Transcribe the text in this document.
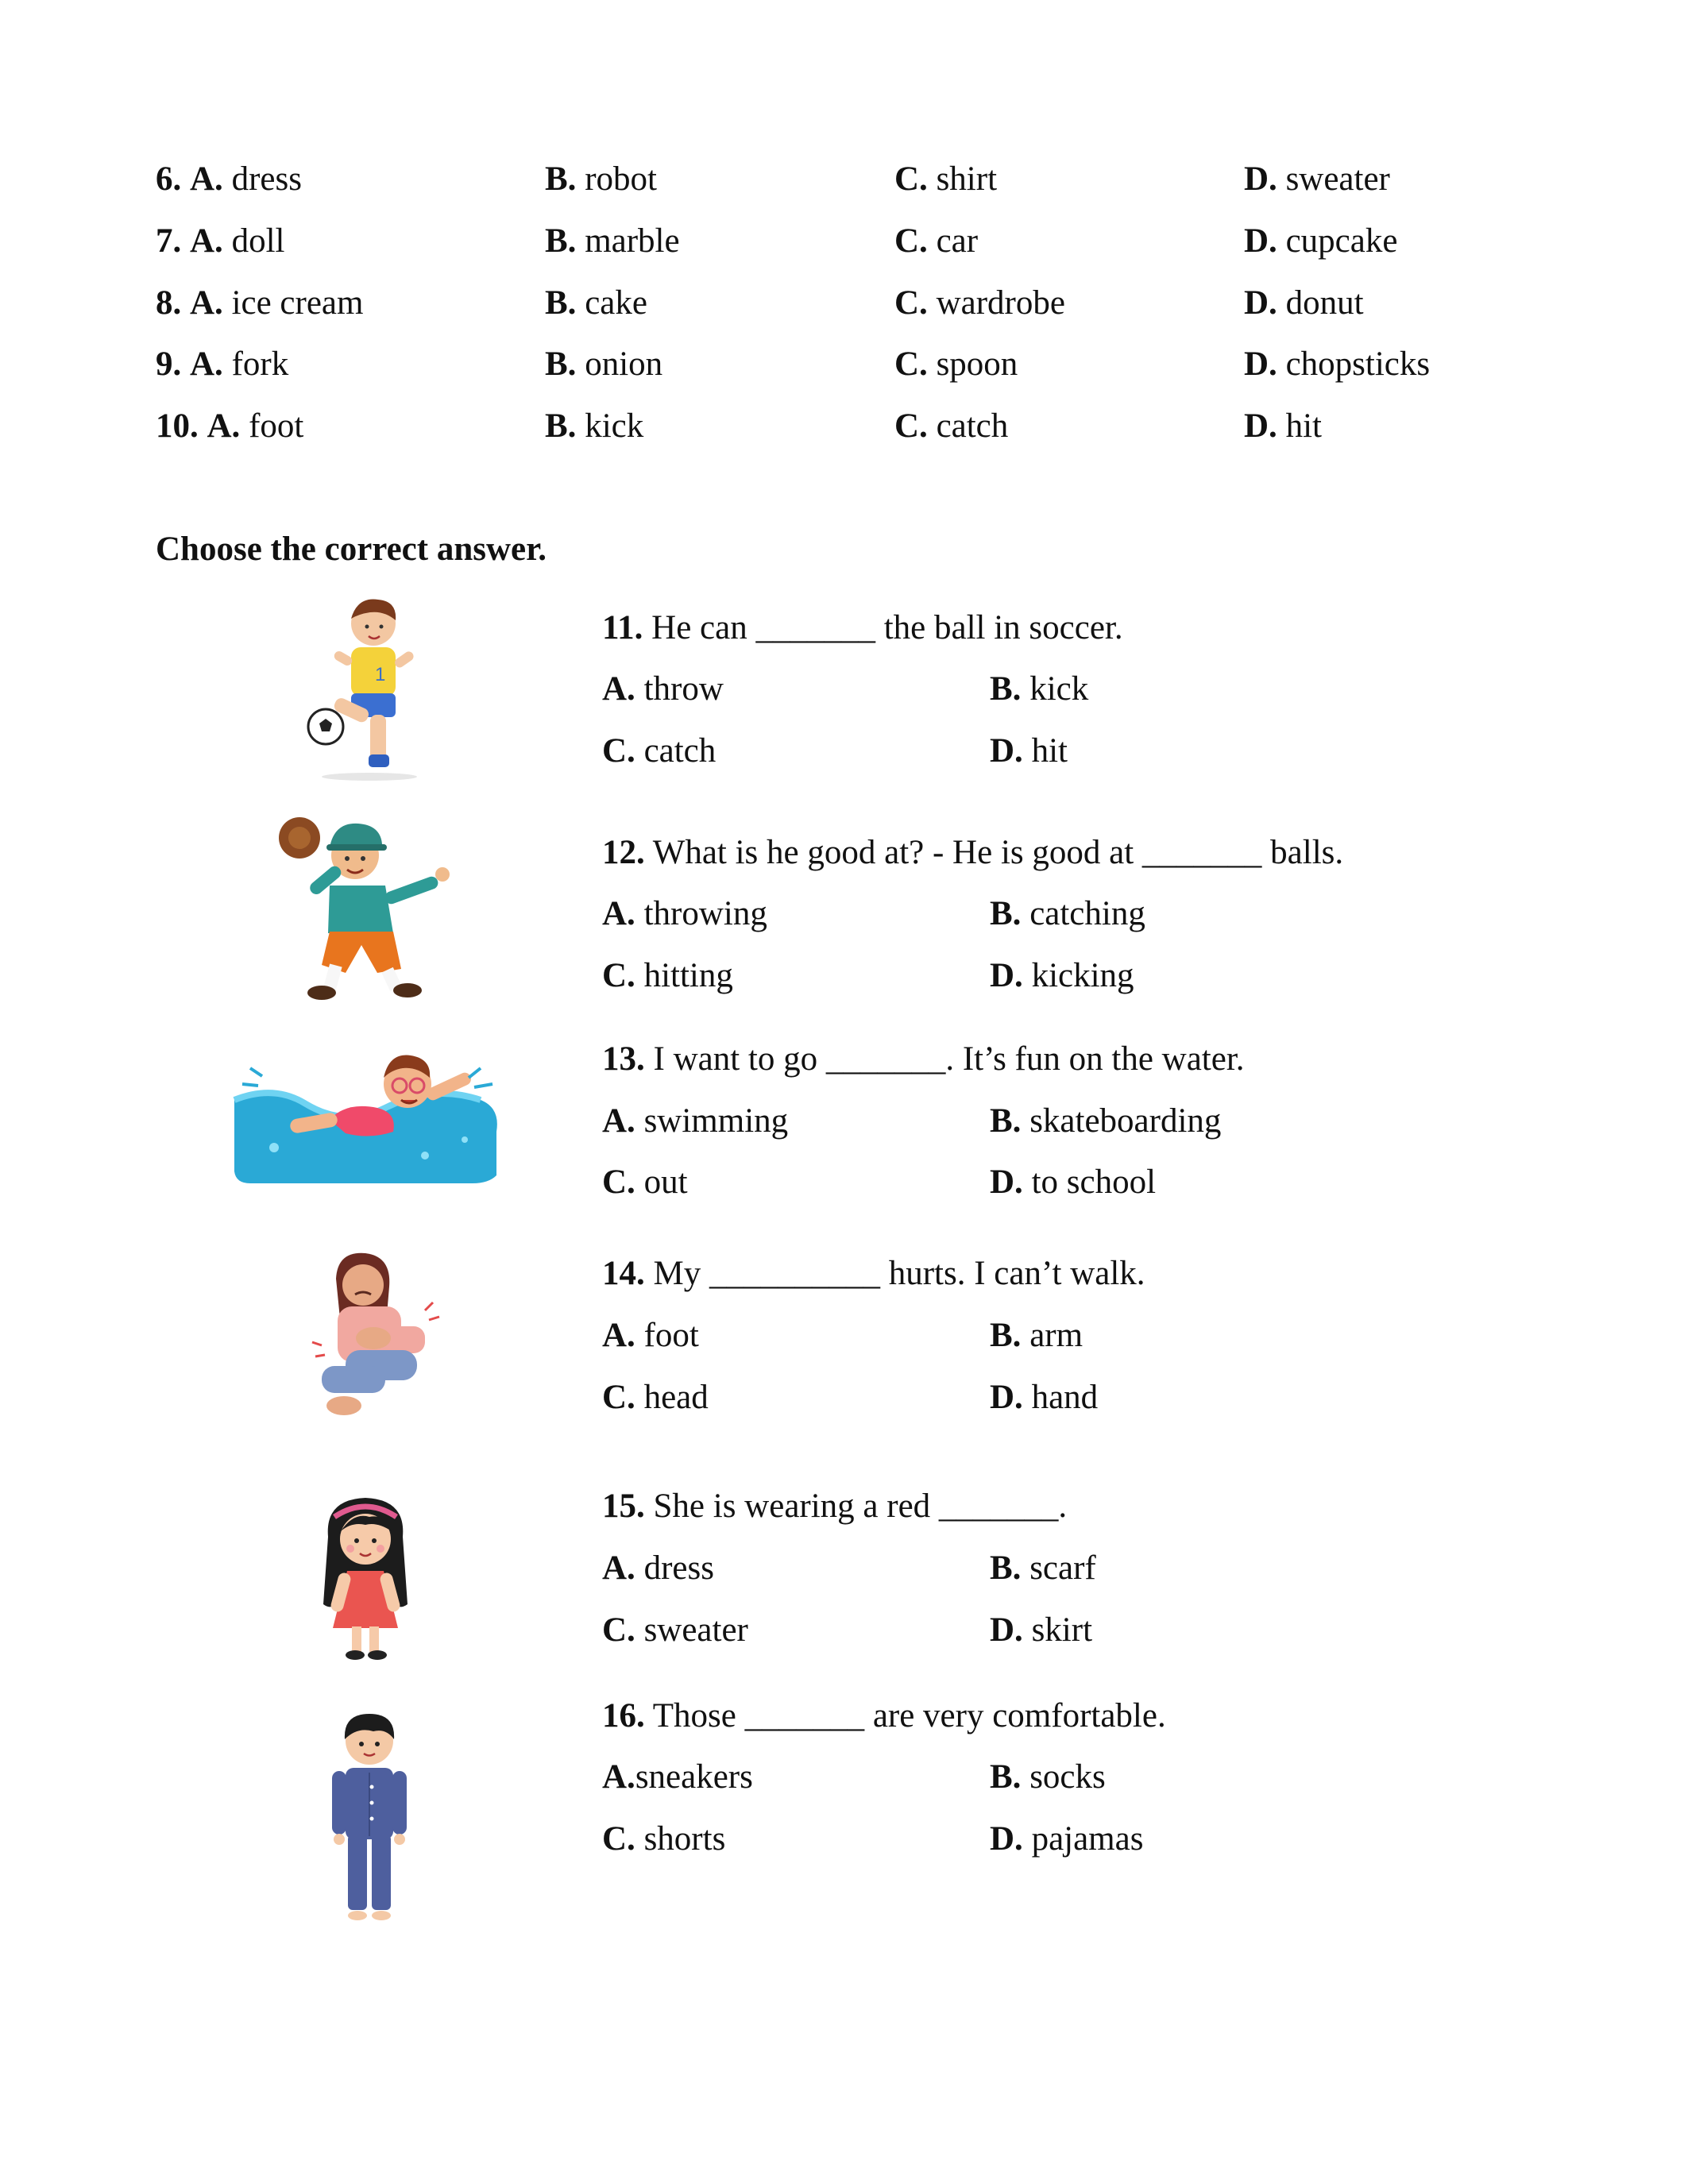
6. A. dress	B. robot	C. shirt	D. sweater
7. A. doll	B. marble	C. car	D. cupcake
8. A. ice cream	B. cake	C. wardrobe	D. donut
9. A. fork	B. onion	C. spoon	D. chopsticks
10. A. foot	B. kick	C. catch	D. hit
Choose the correct answer.
1
11. He can _______ the ball in soccer.
A. throw	B. kick
C. catch	D. hit
12. What is he good at? - He is good at _______ balls.
A. throwing	B. catching
C. hitting	D. kicking
13. I want to go _______. It’s fun on the water.
A. swimming	B. skateboarding
C. out	D. to school
14. My __________ hurts. I can’t walk.
A. foot	B. arm
C. head	D. hand
15. She is wearing a red _______.
A. dress	B. scarf
C. sweater	D. skirt
16. Those _______ are very comfortable.
A.sneakers	B. socks
C. shorts	D. pajamas
